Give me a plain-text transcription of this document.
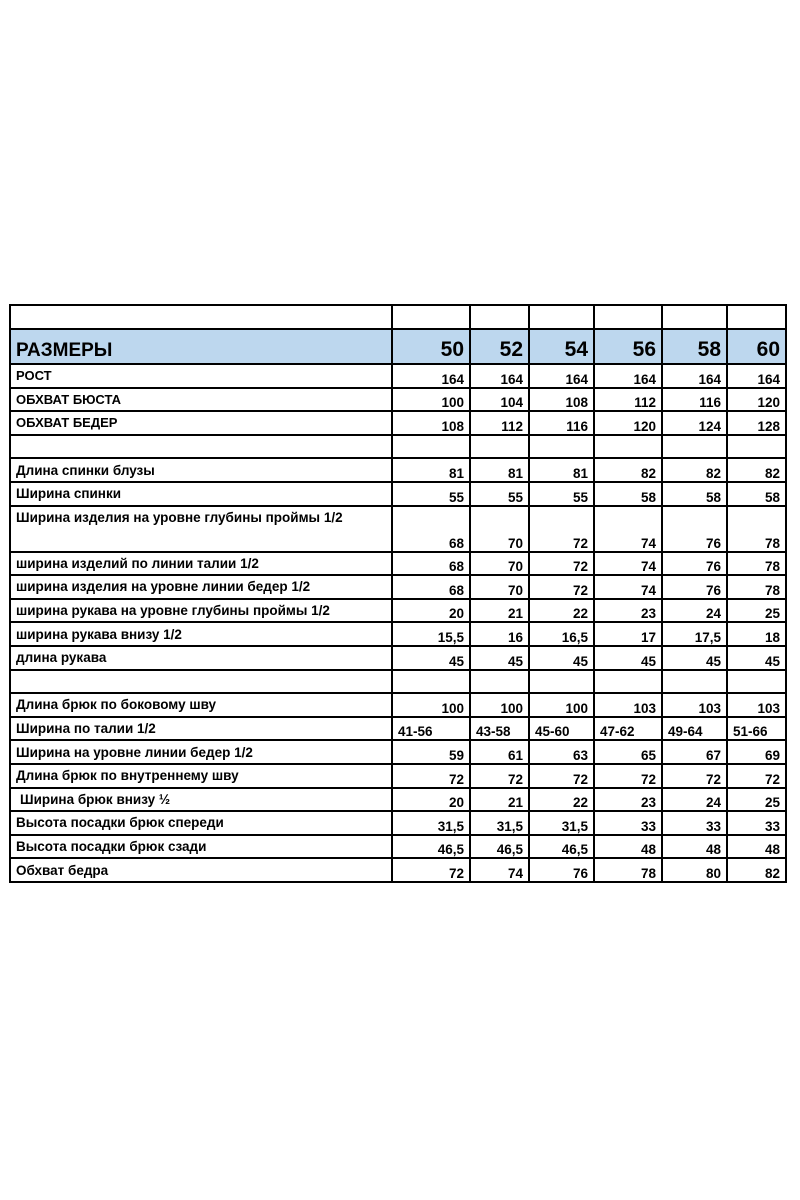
РАЗМЕРЫ	50	52	54	56	58	60
РОСТ	164	164	164	164	164	164
ОБХВАТ БЮСТА	100	104	108	112	116	120
ОБХВАТ БЕДЕР	108	112	116	120	124	128

Длина спинки блузы	81	81	81	82	82	82
Ширина спинки	55	55	55	58	58	58
Ширина изделия на уровне глубины проймы 1/2	68	70	72	74	76	78
ширина изделий по линии талии 1/2	68	70	72	74	76	78
ширина изделия на уровне линии бедер 1/2	68	70	72	74	76	78
ширина рукава на уровне глубины проймы 1/2	20	21	22	23	24	25
ширина рукава внизу 1/2	15,5	16	16,5	17	17,5	18
длина рукава	45	45	45	45	45	45

Длина брюк по боковому шву	100	100	100	103	103	103
Ширина по талии 1/2	41-56	43-58	45-60	47-62	49-64	51-66
Ширина на уровне линии бедер 1/2	59	61	63	65	67	69
Длина брюк по внутреннему шву	72	72	72	72	72	72
Ширина брюк внизу ½	20	21	22	23	24	25
Высота посадки брюк спереди	31,5	31,5	31,5	33	33	33
Высота посадки брюк сзади	46,5	46,5	46,5	48	48	48
Обхват бедра	72	74	76	78	80	82
